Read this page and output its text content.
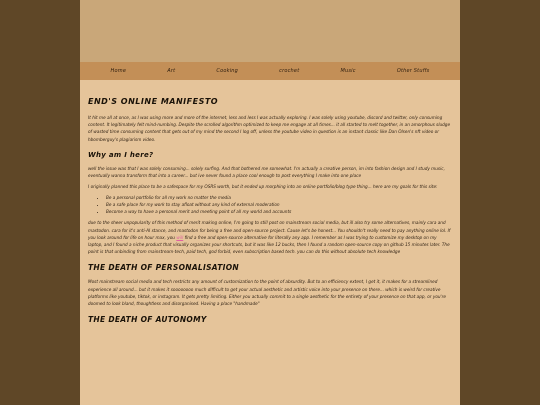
Home	Art	Cooking	crochet	Music	Other Stuffs
END'S ONLINE MANIFESTO

It hit me all at once, as I was using more and more of the internet, less and less I was actually exploring. I was solely using youtube, discord and twitter, only consuming content. It legitimately felt mind-numbing. Despite the scrolled algorithm optimized to keep me engage at all times... it all started to melt together, in an amorphous sludge of wasted time consuming content that gets out of my mind the second I log off, unless the youtube video in question is an instant classic like Dan Olsen's nft video or hbomberguy's plagiarism video.

Why am I here?

well the issue was that I was solely consuming... solely surfing. And that bothered me somewhat. I'm actually a creative person, im into fashion design and I study music, eventually wanna transform that into a career... but ive never found a place cool enough to post everything I make into one place

I originally planned this place to be a safespace for my OSRS worth, but it ended up morphing into an online portfolio/blog type thing... here are my goals for this site:

• Be a personal portfolio for all my work no matter the media
• Be a safe place for my work to stay afloat without any kind of external moderation
• Become a way to have a personal merit and meeting point of all my world and accounts

due to the sheer unpopularity of this method of merit making online, I'm going to still post on mainstream social media, but ill also try some alternatives, mainly cara and mastodon. cara for it's anti-AI stance, and mastodon for being a free and open-source project. Cause let's be honest... You shouldn't really need to pay anything online lol. If you look around for life on hour max, you will find a free and open-source alternative for literally any app. I remember as I was trying to customize my desktop on my laptop, and I found a niche product that visually organizes your shortcuts, but it was like 12 bucks, then I found a random open-source copy on github 15 minutes later. The point is that unbinding from mainstream-tech, paid tech, god forbid, even subscription based tech. you can do this without absolute tech knowledge

THE DEATH OF PERSONALISATION

Most mainstream social media and tech restricts any amount of customization to the point of absurdity. But to an efficiency extent, I get it, it makes for a streamlined experience all around... but it makes it soooooooo much difficult to get your actual aesthetic and artistic voice into your presence on there... which is weird for creative platforms like youtube, tiktok, or instagram. It gets pretty limiting. Either you actually commit to a single aesthetic for the entirety of your presence on that app, or you're doomed to look bland, thoughtless and disorganised. Having a place "handmade"

THE DEATH OF AUTONOMY
